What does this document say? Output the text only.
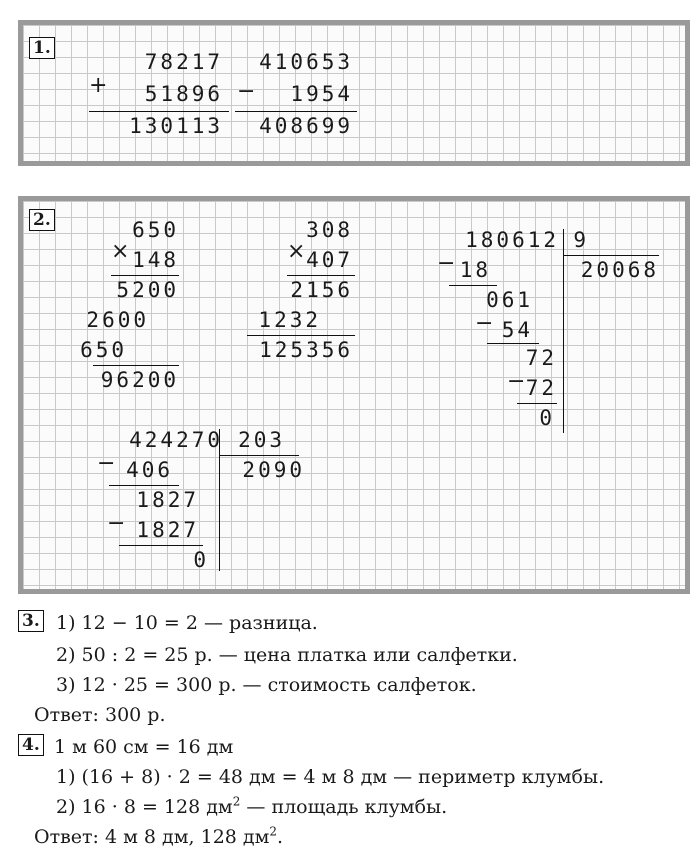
1.
78217
+	51896
130113
410653
−	1954
408699
2.	650
× 148
5200
2600
650
96200
308
× 407
2156
1232
125356
180612 9
20068
− 18
061
− 54
72
− 72
0
424270 203
2090
− 406
1827
− 1827
0
3. 1) 12 − 10 = 2 — разница.
2) 50 : 2 = 25 р. — цена платка или салфетки.
3) 12 · 25 = 300 р. — стоимость салфеток.
Ответ: 300 р.
4. 1 м 60 см = 16 дм
1) (16 + 8) · 2 = 48 дм = 4 м 8 дм — периметр клумбы.
2) 16 · 8 = 128 $дм^2$ — площадь клумбы.
Ответ: 4 м 8 дм, 128 $дм^2$.
